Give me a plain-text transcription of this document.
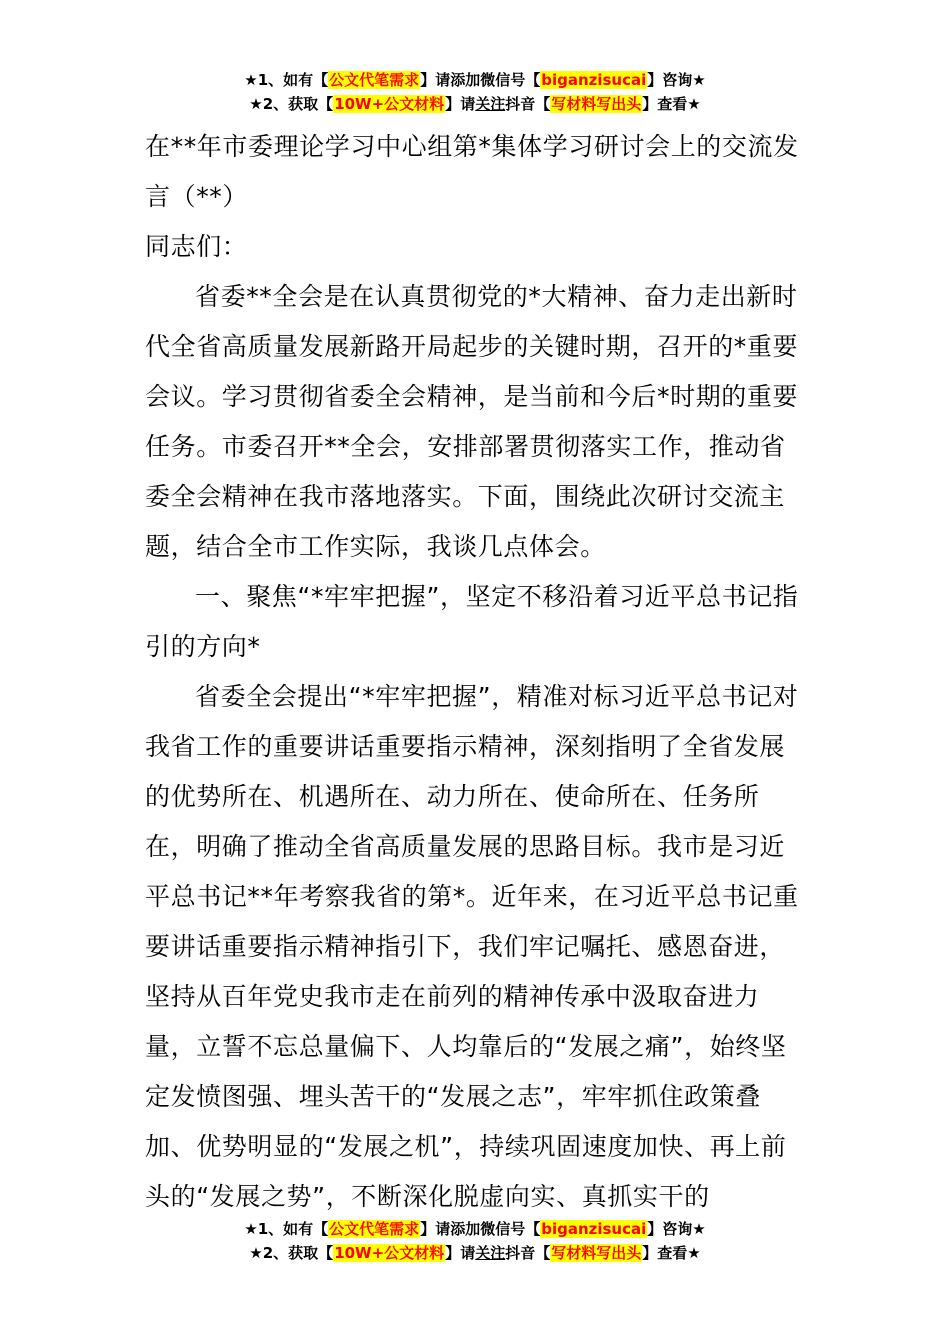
★1、如有【公文代笔需求】请添加微信号【biganzisucai】咨询★
★2、获取【10W+公文材料】请关注抖音【写材料写出头】查看★

在**年市委理论学习中心组第*集体学习研讨会上的交流发言（**）

同志们：

省委**全会是在认真贯彻党的*大精神、奋力走出新时代全省高质量发展新路开局起步的关键时期，召开的*重要会议。学习贯彻省委全会精神，是当前和今后*时期的重要任务。市委召开**全会，安排部署贯彻落实工作，推动省委全会精神在我市落地落实。下面，围绕此次研讨交流主题，结合全市工作实际，我谈几点体会。

一、聚焦“*牢牢把握”，坚定不移沿着习近平总书记指引的方向*

省委全会提出“*牢牢把握”，精准对标习近平总书记对我省工作的重要讲话重要指示精神，深刻指明了全省发展的优势所在、机遇所在、动力所在、使命所在、任务所在，明确了推动全省高质量发展的思路目标。我市是习近平总书记**年考察我省的第*。近年来，在习近平总书记重要讲话重要指示精神指引下，我们牢记嘱托、感恩奋进，坚持从百年党史我市走在前列的精神传承中汲取奋进力量，立誓不忘总量偏下、人均靠后的“发展之痛”，始终坚定发愤图强、埋头苦干的“发展之志”，牢牢抓住政策叠加、优势明显的“发展之机”，持续巩固速度加快、再上前头的“发展之势”，不断深化脱虚向实、真抓实干的

★1、如有【公文代笔需求】请添加微信号【biganzisucai】咨询★
★2、获取【10W+公文材料】请关注抖音【写材料写出头】查看★
